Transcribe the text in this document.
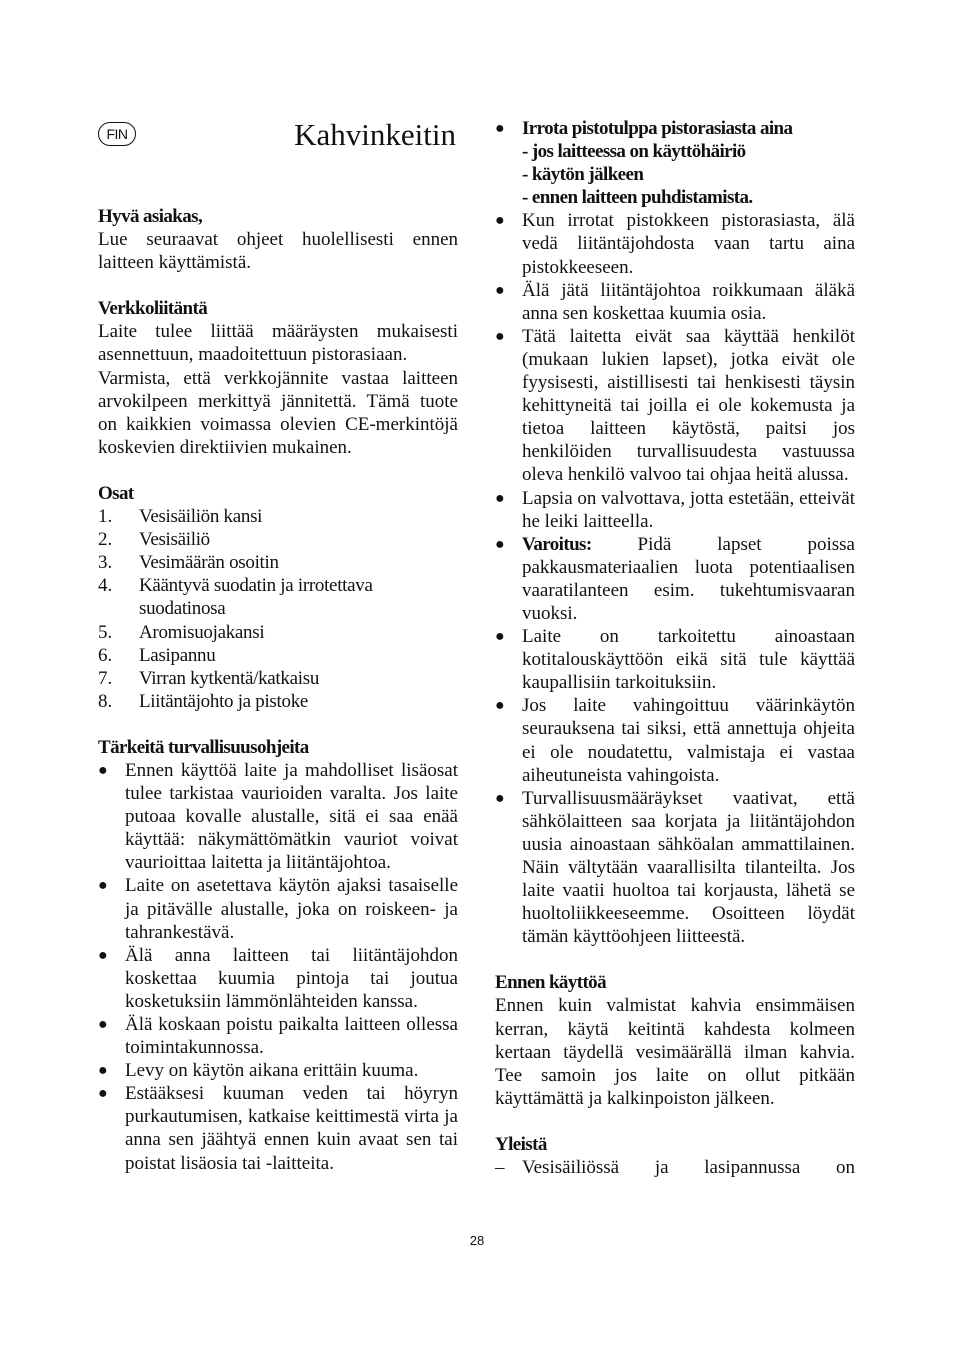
FIN	Kahvinkeitin

Hyvä asiakas,

Lue seuraavat ohjeet huolellisesti ennen laitteen käyttämistä.

Verkkoliitäntä

Laite tulee liittää määräysten mukaisesti asennettuun, maadoitettuun pistorasiaan.

Varmista, että verkkojännite vastaa laitteen arvokilpeen merkittyä jännitettä. Tämä tuote on kaikkien voimassa olevien CE-merkintöjä koskevien direktiivien mukainen.

Osat

1.	Vesisäiliön kansi
2.	Vesisäiliö
3.	Vesimäärän osoitin
4.	Kääntyvä suodatin ja irrotettava suodatinosa
5.	Aromisuojakansi
6.	Lasipannu
7.	Virran kytkentä/katkaisu
8.	Liitäntäjohto ja pistoke

Tärkeitä turvallisuusohjeita

● Ennen käyttöä laite ja mahdolliset lisäosat tulee tarkistaa vaurioiden varalta. Jos laite putoaa kovalle alustalle, sitä ei saa enää käyttää: näkymättömätkin vauriot voivat vaurioittaa laitetta ja liitäntäjohtoa.
● Laite on asetettava käytön ajaksi tasaiselle ja pitävälle alustalle, joka on roiskeen- ja tahrankestävä.
● Älä anna laitteen tai liitäntäjohdon koskettaa kuumia pintoja tai joutua kosketuksiin lämmönlähteiden kanssa.
● Älä koskaan poistu paikalta laitteen ollessa toimintakunnossa.
● Levy on käytön aikana erittäin kuuma.
● Estääksesi kuuman veden tai höyryn purkautumisen, katkaise keittimestä virta ja anna sen jäähtyä ennen kuin avaat sen tai poistat lisäosia tai -laitteita.
● Irrota pistotulppa pistorasiasta aina
- jos laitteessa on käyttöhäiriö
- käytön jälkeen
- ennen laitteen puhdistamista.
● Kun irrotat pistokkeen pistorasiasta, älä vedä liitäntäjohdosta vaan tartu aina pistokkeeseen.
● Älä jätä liitäntäjohtoa roikkumaan äläkä anna sen koskettaa kuumia osia.
● Tätä laitetta eivät saa käyttää henkilöt (mukaan lukien lapset), jotka eivät ole fyysisesti, aistillisesti tai henkisesti täysin kehittyneitä tai joilla ei ole kokemusta ja tietoa laitteen käytöstä, paitsi jos henkilöiden turvallisuudesta vastuussa oleva henkilö valvoo tai ohjaa heitä alussa.
● Lapsia on valvottava, jotta estetään, etteivät he leiki laitteella.
● Varoitus: Pidä lapset poissa pakkausmateriaalien luota potentiaalisen vaaratilanteen esim. tukehtumisvaaran vuoksi.
● Laite on tarkoitettu ainoastaan kotitalouskäyttöön eikä sitä tule käyttää kaupallisiin tarkoituksiin.
● Jos laite vahingoittuu väärinkäytön seurauksena tai siksi, että annettuja ohjeita ei ole noudatettu, valmistaja ei vastaa aiheutuneista vahingoista.
● Turvallisuusmääräykset vaativat, että sähkölaitteen saa korjata ja liitäntäjohdon uusia ainoastaan sähköalan ammattilainen. Näin vältytään vaarallisilta tilanteilta. Jos laite vaatii huoltoa tai korjausta, lähetä se huoltoliikkeeseemme. Osoitteen löydät tämän käyttöohjeen liitteestä.

Ennen käyttöä

Ennen kuin valmistat kahvia ensimmäisen kerran, käytä keitintä kahdesta kolmeen kertaan täydellä vesimäärällä ilman kahvia. Tee samoin jos laite on ollut pitkään käyttämättä ja kalkinpoiston jälkeen.

Yleistä

– Vesisäiliössä ja lasipannussa on
28
